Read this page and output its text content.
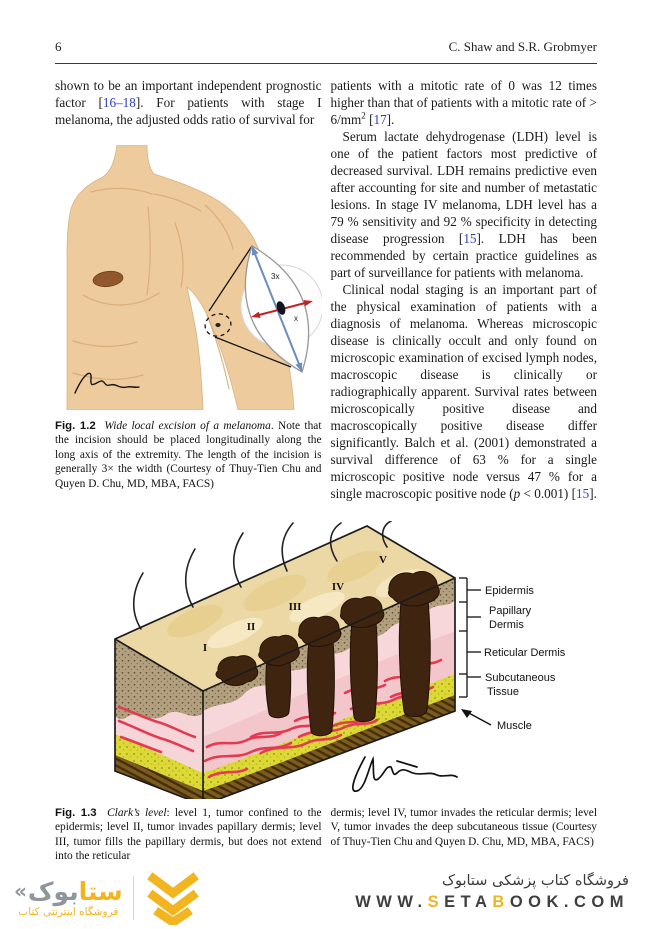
6	C. Shaw and S.R. Grobmyer

shown to be an important independent prognostic factor [16–18]. For patients with stage I melanoma, the adjusted odds ratio of survival for

3x
x

Fig. 1.2 Wide local excision of a melanoma. Note that the incision should be placed longitudinally along the long axis of the extremity. The length of the incision is generally 3× the width (Courtesy of Thuy-Tien Chu and Quyen D. Chu, MD, MBA, FACS)

patients with a mitotic rate of 0 was 12 times higher than that of patients with a mitotic rate of > $6/mm^2$ [17].

Serum lactate dehydrogenase (LDH) level is one of the patient factors most predictive of decreased survival. LDH remains predictive even after accounting for site and number of metastatic lesions. In stage IV melanoma, LDH level has a 79 % sensitivity and 92 % specificity in detecting disease progression [15]. LDH has been recommended by certain practice guidelines as part of surveillance for patients with melanoma.

Clinical nodal staging is an important part of the physical examination of patients with a diagnosis of melanoma. Whereas microscopic disease is clinically occult and only found on microscopic examination of excised lymph nodes, macroscopic disease is clinically or radiographically apparent. Survival rates between microscopically positive disease and macroscopically positive disease differ significantly. Balch et al. (2001) demonstrated a survival difference of 63 % for a single microscopic positive node versus 47 % for a single macroscopic positive node (p < 0.001) [15].

I
II
III
IV
V
Epidermis
Papillary
Dermis
Reticular Dermis
Subcutaneous
Tissue
Muscle
Fig. 1.3 Clark’s level: level 1, tumor confined to the epidermis; level II, tumor invades papillary dermis; level III, tumor fills the papillary dermis, but does not extend into the reticular
dermis; level IV, tumor invades the reticular dermis; level V, tumor invades the deep subcutaneous tissue (Courtesy of Thuy-Tien Chu and Quyen D. Chu, MD, MBA, FACS)
« بوک ستا
فروشگاه اینترنتی کتاب
فروشگاه کتاب پزشکی ستابوک
WWW.SETABOOK.COM
